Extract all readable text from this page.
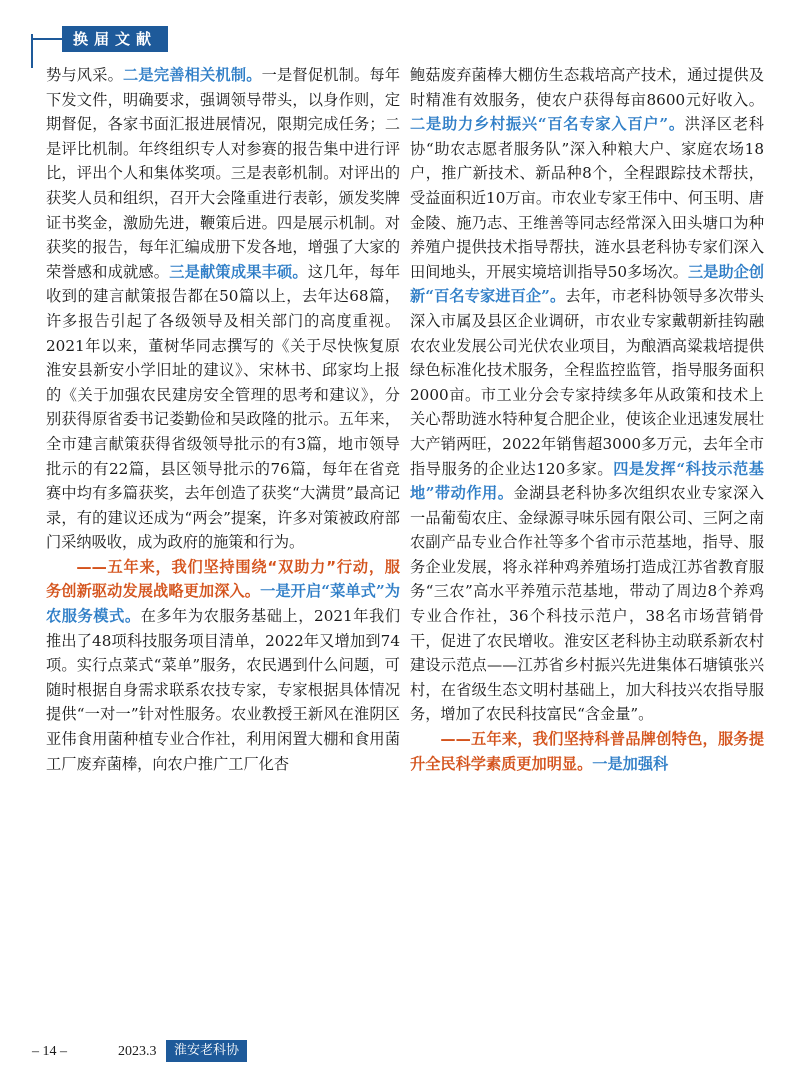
换届文献

势与风采。二是完善相关机制。一是督促机制。每年下发文件，明确要求，强调领导带头，以身作则，定期督促，各家书面汇报进展情况，限期完成任务；二是评比机制。年终组织专人对参赛的报告集中进行评比，评出个人和集体奖项。三是表彰机制。对评出的获奖人员和组织，召开大会隆重进行表彰，颁发奖牌证书奖金，激励先进，鞭策后进。四是展示机制。对获奖的报告，每年汇编成册下发各地，增强了大家的荣誉感和成就感。三是献策成果丰硕。这几年，每年收到的建言献策报告都在50篇以上，去年达68篇，许多报告引起了各级领导及相关部门的高度重视。2021年以来，董树华同志撰写的《关于尽快恢复原淮安县新安小学旧址的建议》、宋林书、邱家均上报的《关于加强农民建房安全管理的思考和建议》，分别获得原省委书记娄勤俭和吴政隆的批示。五年来，全市建言献策获得省级领导批示的有3篇，地市领导批示的有22篇，县区领导批示的76篇，每年在省竞赛中均有多篇获奖，去年创造了获奖“大满贯”最高记录，有的建议还成为“两会”提案，许多对策被政府部门采纳吸收，成为政府的施策和行为。

——五年来，我们坚持围绕“双助力”行动，服务创新驱动发展战略更加深入。一是开启“菜单式”为农服务模式。在多年为农服务基础上，2021年我们推出了48项科技服务项目清单，2022年又增加到74项。实行点菜式“菜单”服务，农民遇到什么问题，可随时根据自身需求联系农技专家，专家根据具体情况提供“一对一”针对性服务。农业教授王新风在淮阴区亚伟食用菌种植专业合作社，利用闲置大棚和食用菌工厂废弃菌棒，向农户推广工厂化杏

鲍菇废弃菌棒大棚仿生态栽培高产技术，通过提供及时精准有效服务，使农户获得每亩8600元好收入。二是助力乡村振兴“百名专家入百户”。洪泽区老科协“助农志愿者服务队”深入种粮大户、家庭农场18户，推广新技术、新品种8个，全程跟踪技术帮扶，受益面积近10万亩。市农业专家王伟中、何玉明、唐金陵、施乃志、王维善等同志经常深入田头塘口为种养殖户提供技术指导帮扶，涟水县老科协专家们深入田间地头，开展实境培训指导50多场次。三是助企创新“百名专家进百企”。去年，市老科协领导多次带头深入市属及县区企业调研，市农业专家戴朝新挂钩融农农业发展公司光伏农业项目，为酿酒高粱栽培提供绿色标准化技术服务，全程监控监管，指导服务面积2000亩。市工业分会专家持续多年从政策和技术上关心帮助涟水特种复合肥企业，使该企业迅速发展壮大产销两旺，2022年销售超3000多万元，去年全市指导服务的企业达120多家。四是发挥“科技示范基地”带动作用。金湖县老科协多次组织农业专家深入一品葡萄农庄、金绿源寻味乐园有限公司、三阿之南农副产品专业合作社等多个省市示范基地，指导、服务企业发展，将永祥种鸡养殖场打造成江苏省教育服务“三农”高水平养殖示范基地，带动了周边8个养鸡专业合作社，36个科技示范户，38名市场营销骨干，促进了农民增收。淮安区老科协主动联系新农村建设示范点——江苏省乡村振兴先进集体石塘镇张兴村，在省级生态文明村基础上，加大科技兴农指导服务，增加了农民科技富民“含金量”。

——五年来，我们坚持科普品牌创特色，服务提升全民科学素质更加明显。一是加强科

– 14 –	2023.3	淮安老科协
